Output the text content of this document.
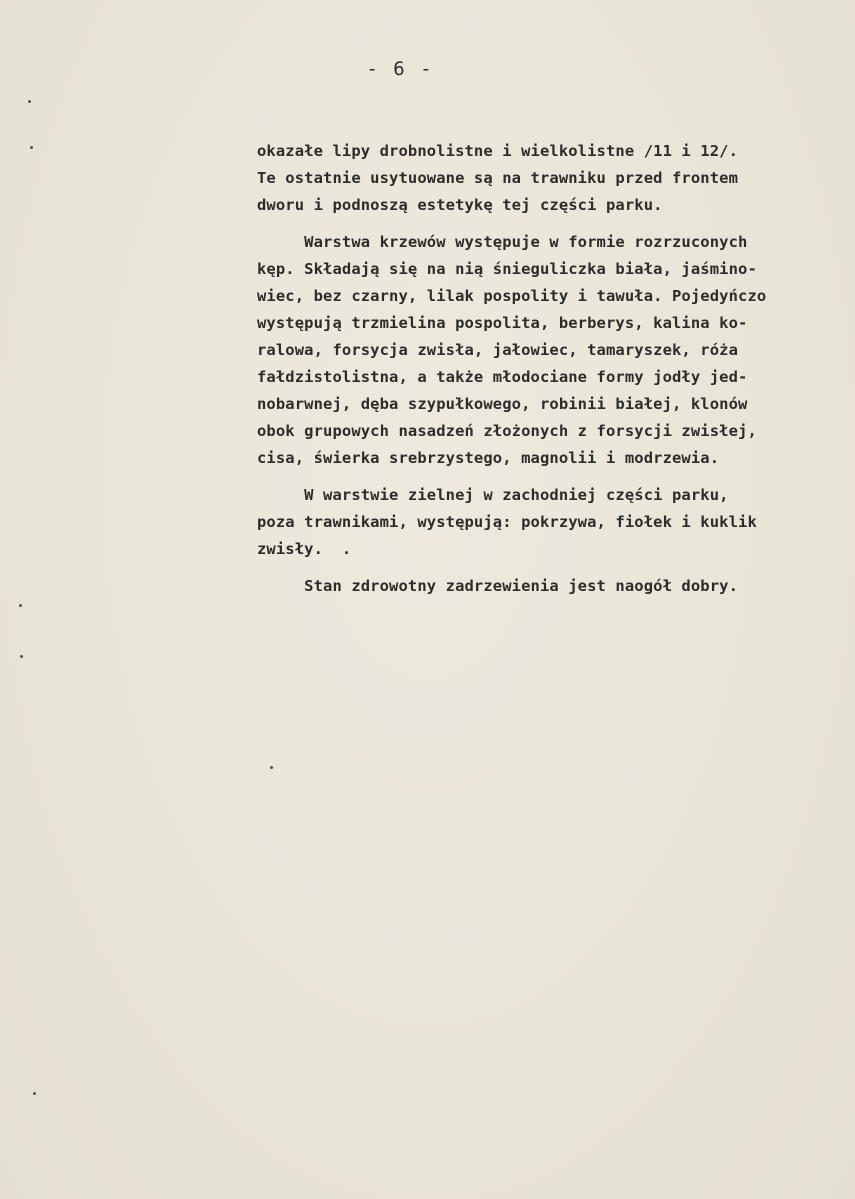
- 6 -
okazałe lipy drobnolistne i wielkolistne /11 i 12/.
Te ostatnie usytuowane są na trawniku przed frontem
dworu i podnoszą estetykę tej części parku.
Warstwa krzewów występuje w formie rozrzuconych
kęp. Składają się na nią śnieguliczka biała, jaśmino-
wiec, bez czarny, lilak pospolity i tawuła. Pojedyńczo
występują trzmielina pospolita, berberys, kalina ko-
ralowa, forsycja zwisła, jałowiec, tamaryszek, róża
fałdzistolistna, a także młodociane formy jodły jed-
nobarwnej, dęba szypułkowego, robinii białej, klonów
obok grupowych nasadzeń złożonych z forsycji zwisłej,
cisa, świerka srebrzystego, magnolii i modrzewia.
W warstwie zielnej w zachodniej części parku,
poza trawnikami, występują: pokrzywa, fiołek i kuklik
zwisły.  .
Stan zdrowotny zadrzewienia jest naogół dobry.
